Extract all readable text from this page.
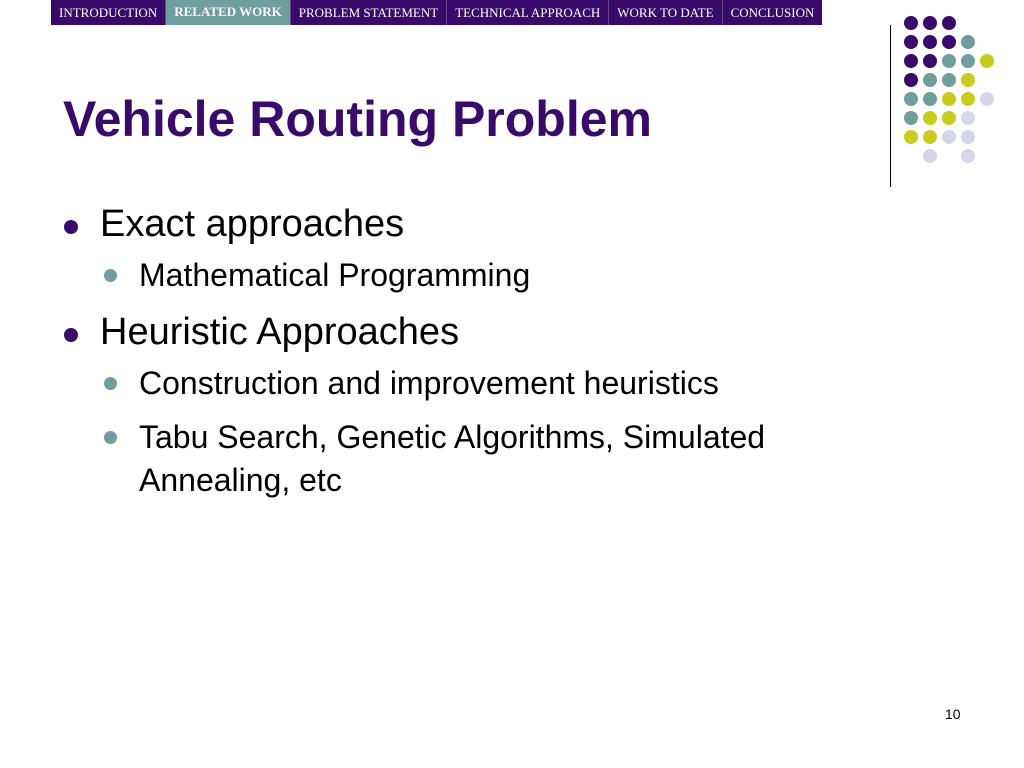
INTRODUCTION	RELATED WORK	PROBLEM STATEMENT	TECHNICAL APPROACH	WORK TO DATE	CONCLUSION
Vehicle Routing Problem
Exact approaches
Mathematical Programming
Heuristic Approaches
Construction and improvement heuristics
Tabu Search, Genetic Algorithms, Simulated Annealing, etc
10
